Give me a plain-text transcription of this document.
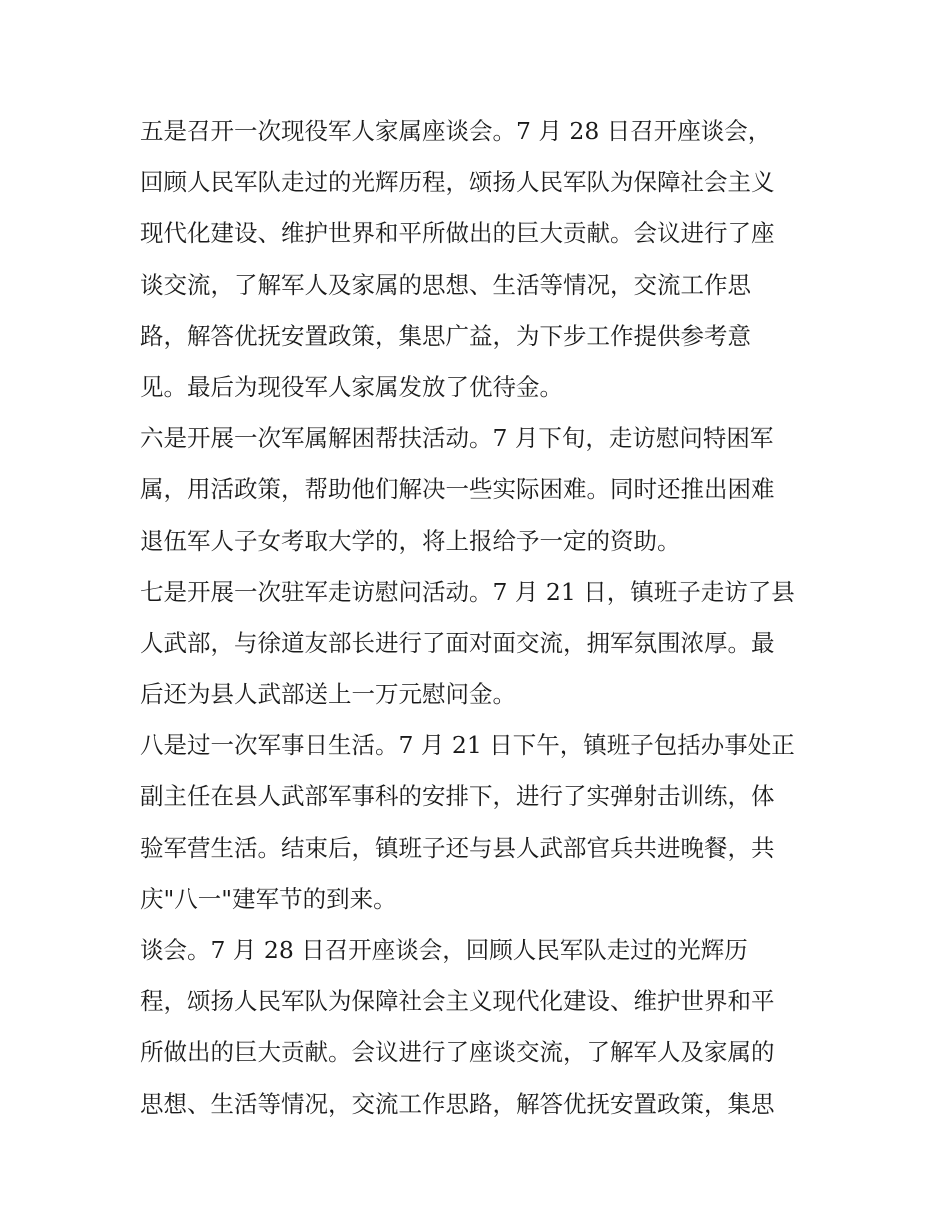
五是召开一次现役军人家属座谈会。7 月 28 日召开座谈会，
回顾人民军队走过的光辉历程，颂扬人民军队为保障社会主义
现代化建设、维护世界和平所做出的巨大贡献。会议进行了座
谈交流，了解军人及家属的思想、生活等情况，交流工作思
路，解答优抚安置政策，集思广益，为下步工作提供参考意
见。最后为现役军人家属发放了优待金。
六是开展一次军属解困帮扶活动。7 月下旬，走访慰问特困军
属，用活政策，帮助他们解决一些实际困难。同时还推出困难
退伍军人子女考取大学的，将上报给予一定的资助。
七是开展一次驻军走访慰问活动。7 月 21 日，镇班子走访了县
人武部，与徐道友部长进行了面对面交流，拥军氛围浓厚。最
后还为县人武部送上一万元慰问金。
八是过一次军事日生活。7 月 21 日下午，镇班子包括办事处正
副主任在县人武部军事科的安排下，进行了实弹射击训练，体
验军营生活。结束后，镇班子还与县人武部官兵共进晚餐，共
庆"八一"建军节的到来。
谈会。7 月 28 日召开座谈会，回顾人民军队走过的光辉历
程，颂扬人民军队为保障社会主义现代化建设、维护世界和平
所做出的巨大贡献。会议进行了座谈交流，了解军人及家属的
思想、生活等情况，交流工作思路，解答优抚安置政策，集思
